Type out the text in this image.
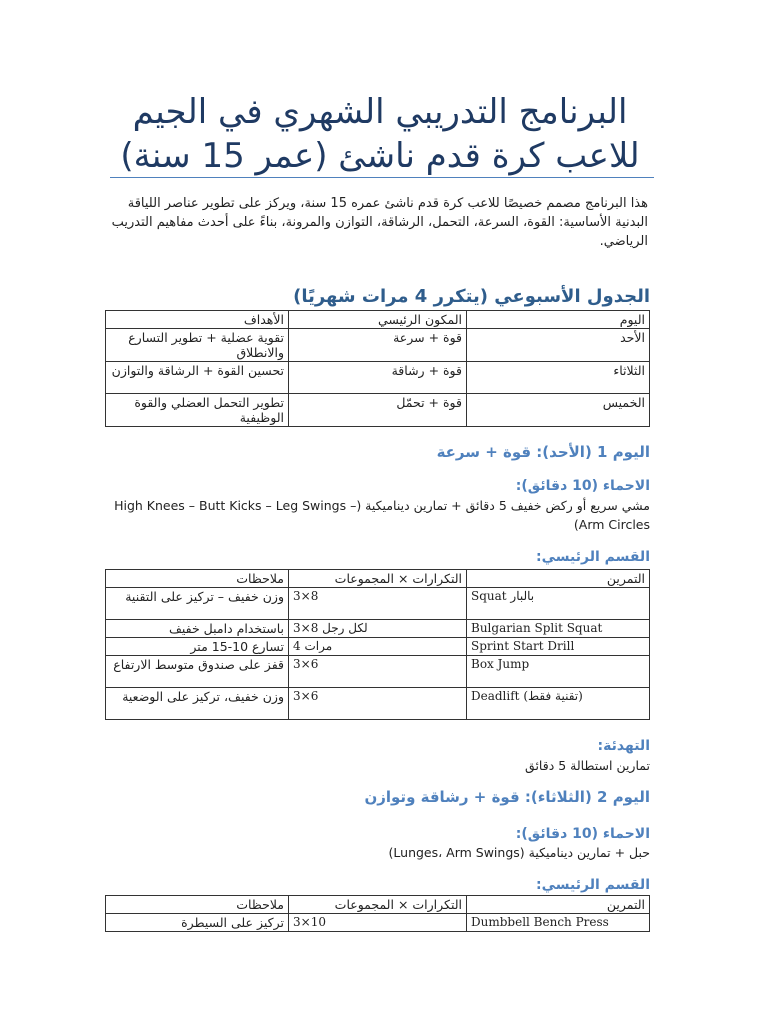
البرنامج التدريبي الشهري في الجيم
للاعب كرة قدم ناشئ (عمر 15 سنة)

هذا البرنامج مصمم خصيصًا للاعب كرة قدم ناشئ عمره 15 سنة، ويركز على تطوير عناصر اللياقة البدنية الأساسية: القوة، السرعة، التحمل، الرشاقة، التوازن والمرونة، بناءً على أحدث مفاهيم التدريب الرياضي.

الجدول الأسبوعي (يتكرر 4 مرات شهريًا)
اليوم	المكون الرئيسي	الأهداف
الأحد	قوة + سرعة	تقوية عضلية + تطوير التسارع والانطلاق
الثلاثاء	قوة + رشاقة	تحسين القوة + الرشاقة والتوازن
الخميس	قوة + تحمّل	تطوير التحمل العضلي والقوة الوظيفية
اليوم 1 (الأحد): قوة + سرعة
الاحماء (10 دقائق):

مشي سريع أو ركض خفيف 5 دقائق + تمارين ديناميكية (High Knees – Butt Kicks – Leg Swings – Arm Circles)

القسم الرئيسي:
التمرين	التكرارات × المجموعات	ملاحظات
Squat بالبار	3×8	وزن خفيف – تركيز على التقنية
Bulgarian Split Squat	3×8 لكل رجل	باستخدام دامبل خفيف
Sprint Start Drill	4 مرات	تسارع 10-15 متر
Box Jump	3×6	قفز على صندوق متوسط الارتفاع
Deadlift (تقنية فقط)	3×6	وزن خفيف، تركيز على الوضعية
التهدئة:

تمارين استطالة 5 دقائق

اليوم 2 (الثلاثاء): قوة + رشاقة وتوازن
الاحماء (10 دقائق):

حبل + تمارين ديناميكية (Lunges، Arm Swings)

القسم الرئيسي:
التمرين	التكرارات × المجموعات	ملاحظات
Dumbbell Bench Press	3×10	تركيز على السيطرة
